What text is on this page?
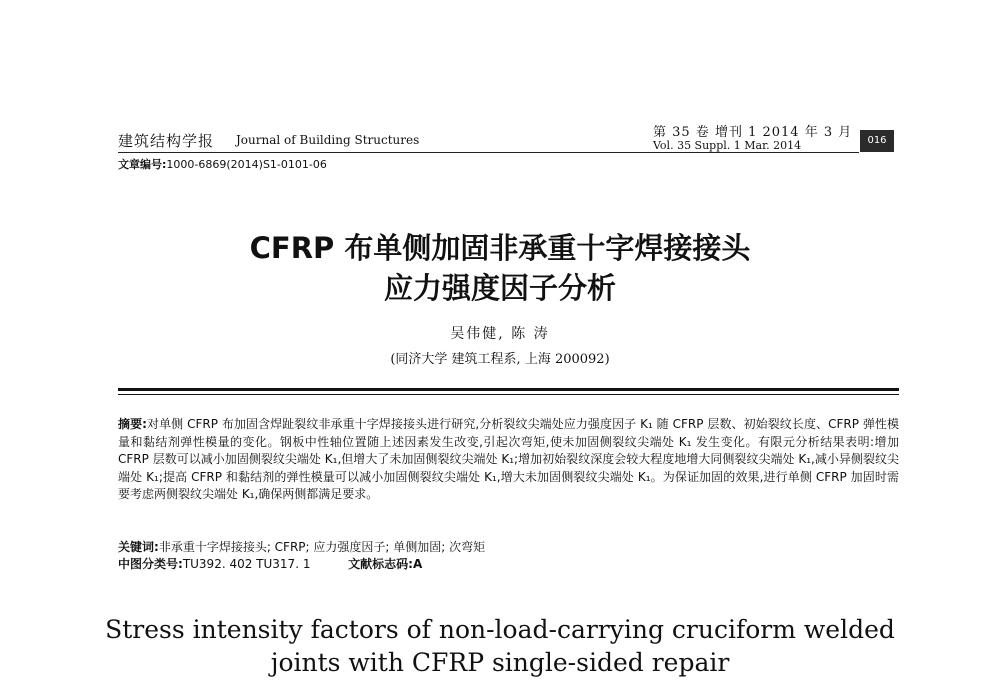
建筑结构学报 Journal of Building Structures	第 35 卷 增刊 1 2014 年 3 月
Vol. 35 Suppl. 1 Mar. 2014	016
文章编号:1000-6869(2014)S1-0101-06
CFRP 布单侧加固非承重十字焊接接头
应力强度因子分析
吴伟健, 陈 涛
(同济大学 建筑工程系, 上海 200092)
摘要:对单侧 CFRP 布加固含焊趾裂纹非承重十字焊接接头进行研究,分析裂纹尖端处应力强度因子 K₁ 随 CFRP 层数、初始裂纹长度、CFRP 弹性模量和黏结剂弹性模量的变化。钢板中性轴位置随上述因素发生改变,引起次弯矩,使未加固侧裂纹尖端处 K₁ 发生变化。有限元分析结果表明:增加 CFRP 层数可以减小加固侧裂纹尖端处 K₁,但增大了未加固侧裂纹尖端处 K₁;增加初始裂纹深度会较大程度地增大同侧裂纹尖端处 K₁,减小异侧裂纹尖端处 K₁;提高 CFRP 和黏结剂的弹性模量可以减小加固侧裂纹尖端处 K₁,增大未加固侧裂纹尖端处 K₁。为保证加固的效果,进行单侧 CFRP 加固时需要考虑两侧裂纹尖端处 K₁,确保两侧都满足要求。
关键词:非承重十字焊接接头; CFRP; 应力强度因子; 单侧加固; 次弯矩
中图分类号:TU392. 402 TU317. 1	文献标志码:A
Stress intensity factors of non-load-carrying cruciform welded
joints with CFRP single-sided repair
